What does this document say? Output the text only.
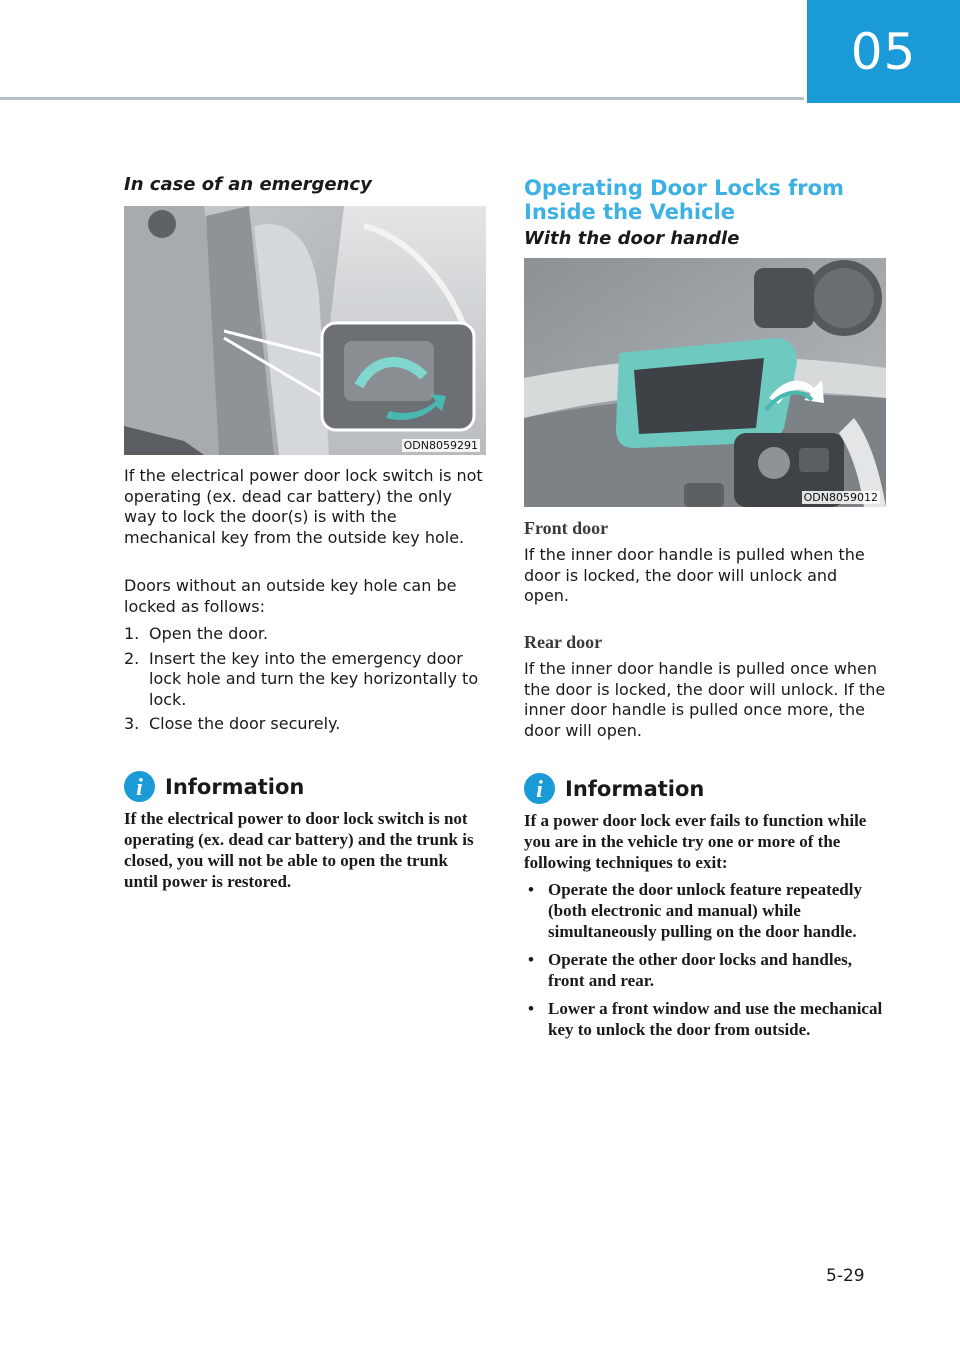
05
In case of an emergency
ODN8059291
If the electrical power door lock switch is not operating (ex. dead car battery) the only way to lock the door(s) is with the mechanical key from the outside key hole.
Doors without an outside key hole can be locked as follows:
1. Open the door.
2. Insert the key into the emergency door lock hole and turn the key horizontally to lock.
3. Close the door securely.
i Information
If the electrical power to door lock switch is not operating (ex. dead car battery) and the trunk is closed, you will not be able to open the trunk until power is restored.
Operating Door Locks from
Inside the Vehicle
With the door handle
ODN8059012
Front door
If the inner door handle is pulled when the door is locked, the door will unlock and open.
Rear door
If the inner door handle is pulled once when the door is locked, the door will unlock. If the inner door handle is pulled once more, the door will open.
i Information
If a power door lock ever fails to function while you are in the vehicle try one or more of the following techniques to exit:
• Operate the door unlock feature repeatedly (both electronic and manual) while simultaneously pulling on the door handle.
• Operate the other door locks and handles, front and rear.
• Lower a front window and use the mechanical key to unlock the door from outside.
5-29
